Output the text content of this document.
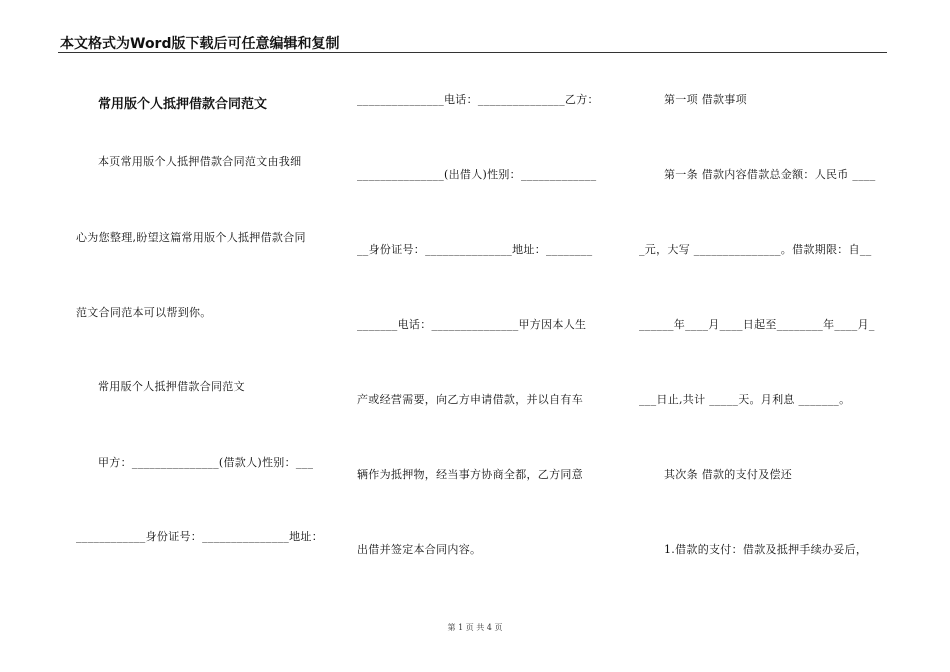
本文格式为Word版下载后可任意编辑和复制
常用版个人抵押借款合同范文
本页常用版个人抵押借款合同范文由我细
心为您整理,盼望这篇常用版个人抵押借款合同
范文合同范本可以帮到你。
常用版个人抵押借款合同范文
甲方：_______________(借款人)性别：___
____________身份证号：_______________地址：
_______________电话：_______________乙方：
_______________(出借人)性别：_____________
__身份证号：_______________地址：________
_______电话：_______________甲方因本人生
产或经营需要，向乙方申请借款，并以自有车
辆作为抵押物，经当事方协商全都，乙方同意
出借并签定本合同内容。
第一项 借款事项
第一条 借款内容借款总金额：人民币 ____
_元，大写 _______________。借款期限：自__
______年____月____日起至________年____月_
___日止,共计 _____天。月利息 _______。
其次条 借款的支付及偿还
1.借款的支付：借款及抵押手续办妥后，
第 1 页 共 4 页
